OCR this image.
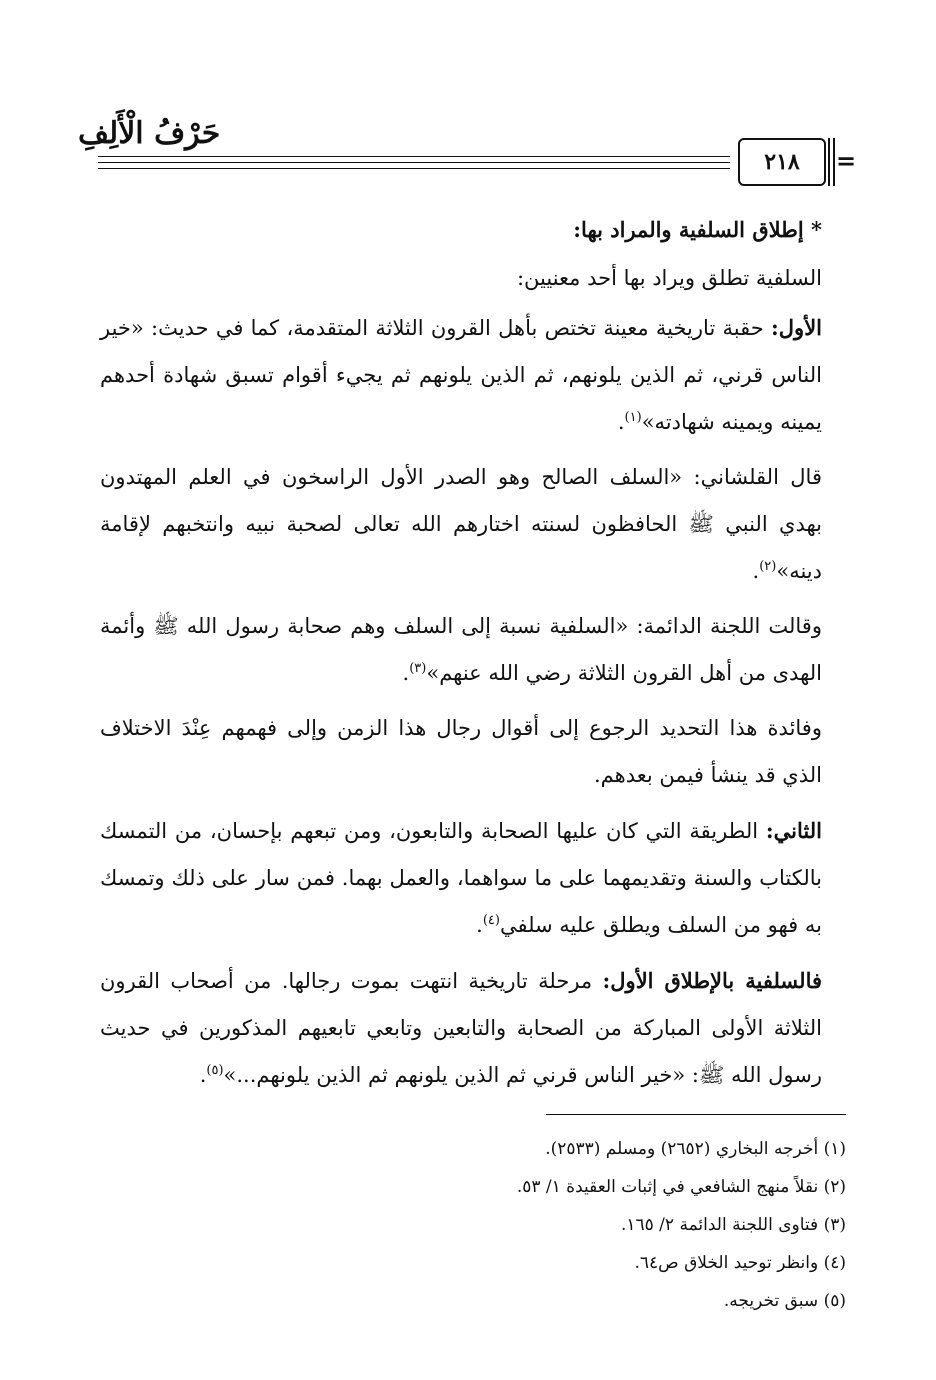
حَرْفُ الْأَلِفِ
٢١٨	=

* إطلاق السلفية والمراد بها:

السلفية تطلق ويراد بها أحد معنيين:

الأول: حقبة تاريخية معينة تختص بأهل القرون الثلاثة المتقدمة، كما في حديث: «خير الناس قرني، ثم الذين يلونهم، ثم الذين يلونهم ثم يجيء أقوام تسبق شهادة أحدهم يمينه ويمينه شهادته»$^{(١)}$.

قال القلشاني: «السلف الصالح وهو الصدر الأول الراسخون في العلم المهتدون بهدي النبي ﷺ الحافظون لسنته اختارهم الله تعالى لصحبة نبيه وانتخبهم لإقامة دينه»$^{(٢)}$.

وقالت اللجنة الدائمة: «السلفية نسبة إلى السلف وهم صحابة رسول الله ﷺ وأئمة الهدى من أهل القرون الثلاثة رضي الله عنهم»$^{(٣)}$.

وفائدة هذا التحديد الرجوع إلى أقوال رجال هذا الزمن وإلى فهمهم عِنْدَ الاختلاف الذي قد ينشأ فيمن بعدهم.

الثاني: الطريقة التي كان عليها الصحابة والتابعون، ومن تبعهم بإحسان، من التمسك بالكتاب والسنة وتقديمهما على ما سواهما، والعمل بهما. فمن سار على ذلك وتمسك به فهو من السلف ويطلق عليه سلفي$^{(٤)}$.

فالسلفية بالإطلاق الأول: مرحلة تاريخية انتهت بموت رجالها. من أصحاب القرون الثلاثة الأولى المباركة من الصحابة والتابعين وتابعي تابعيهم المذكورين في حديث رسول الله ﷺ: «خير الناس قرني ثم الذين يلونهم ثم الذين يلونهم...»$^{(٥)}$.

(١) أخرجه البخاري (٢٦٥٢) ومسلم (٢٥٣٣).

(٢) نقلاً منهج الشافعي في إثبات العقيدة ١/ ٥٣.

(٣) فتاوى اللجنة الدائمة ٢/ ١٦٥.

(٤) وانظر توحيد الخلاق ص٦٤.

(٥) سبق تخريجه.
